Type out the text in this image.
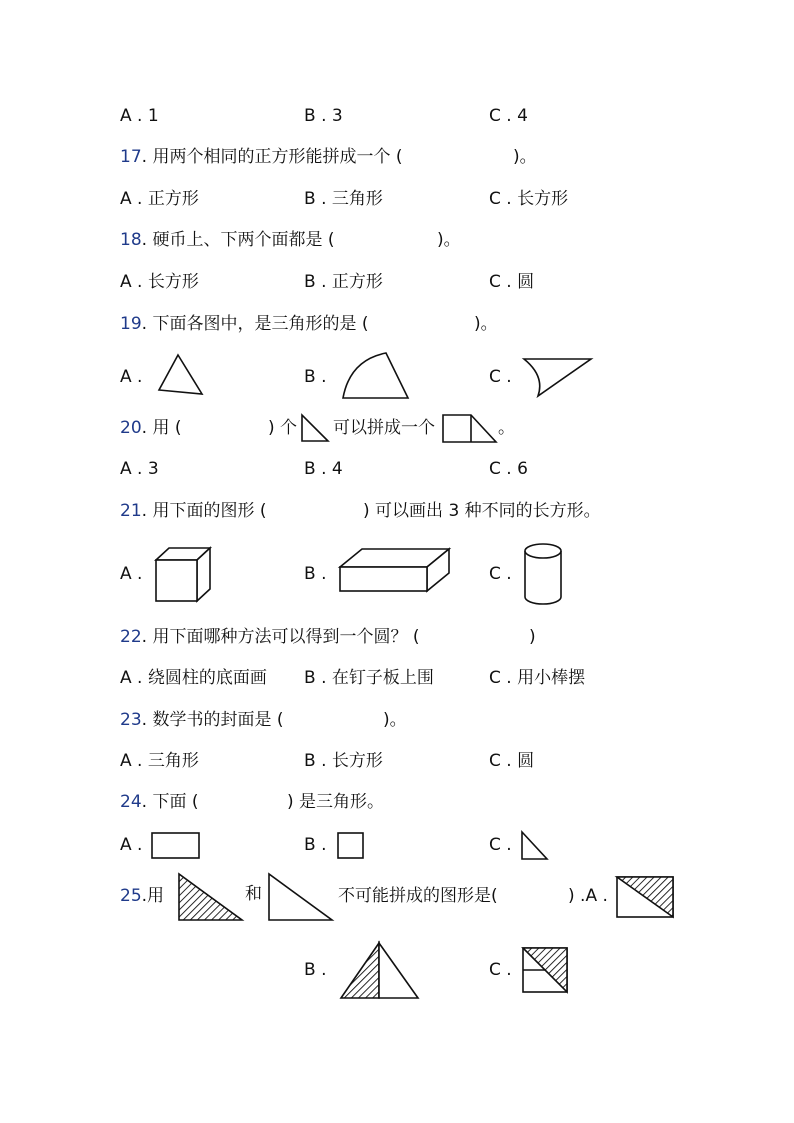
A . 1	B . 3	C . 4
17. 用两个相同的正方形能拼成一个 (	)。
A . 正方形	B . 三角形	C . 长方形
18. 硬币上、下两个面都是 (	)。
A . 长方形	B . 正方形	C . 圆
19. 下面各图中，是三角形的是 (	)。
A .	B .	C .
20. 用 (	) 个 可以拼成一个	。
A . 3	B . 4	C . 6
21. 用下面的图形 (	) 可以画出 3 种不同的长方形。
A .	B .	C .
22. 用下面哪种方法可以得到一个圆？ (	)
A . 绕圆柱的底面画 B . 在钉子板上围	C . 用小棒摆
23. 数学书的封面是 (	)。
A . 三角形	B . 长方形	C . 圆
24. 下面 (	) 是三角形。
A .	B .	C .
25.用	和	不可能拼成的图形是(	) .A .
B .	C .
